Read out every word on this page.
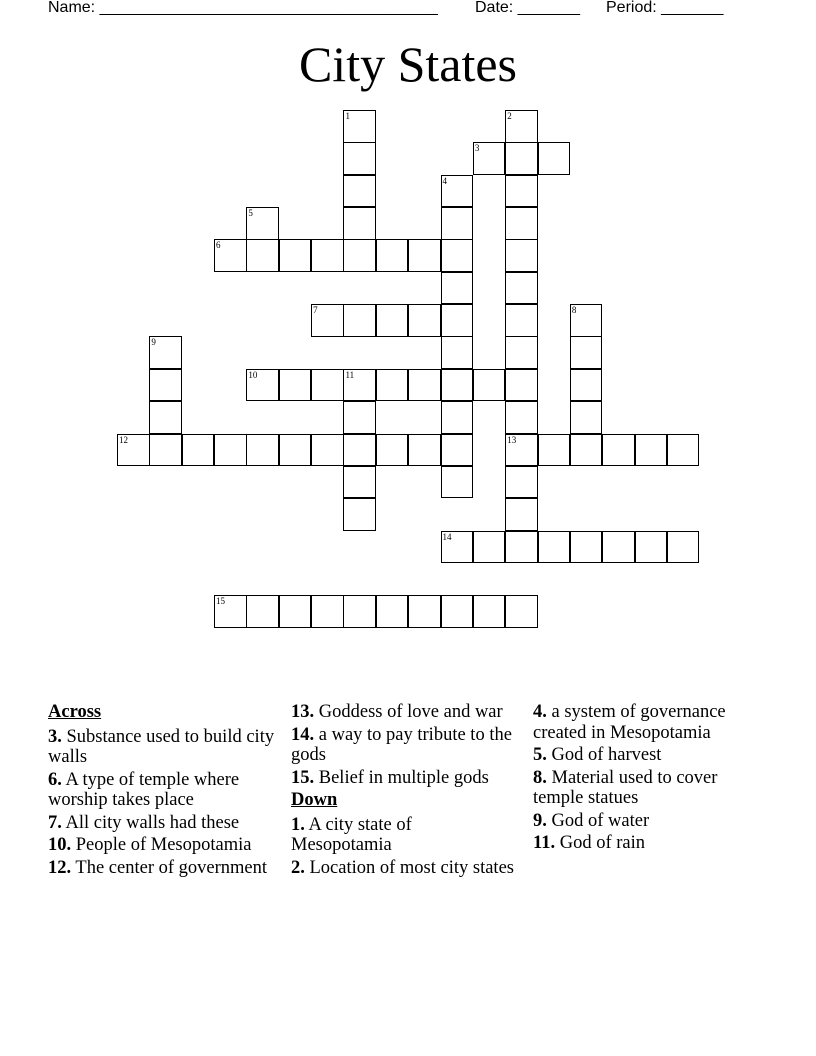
Name: ______________________________________ Date: _______ Period: _______
City States
1	2
3
4
5
6
7	8
9
10	11
12	13
14
15
Across
3. Substance used to build city walls
6. A type of temple where worship takes place
7. All city walls had these
10. People of Mesopotamia
12. The center of government
13. Goddess of love and war
14. a way to pay tribute to the gods
15. Belief in multiple gods
Down
1. A city state of Mesopotamia
2. Location of most city states
4. a system of governance created in Mesopotamia
5. God of harvest
8. Material used to cover temple statues
9. God of water
11. God of rain
